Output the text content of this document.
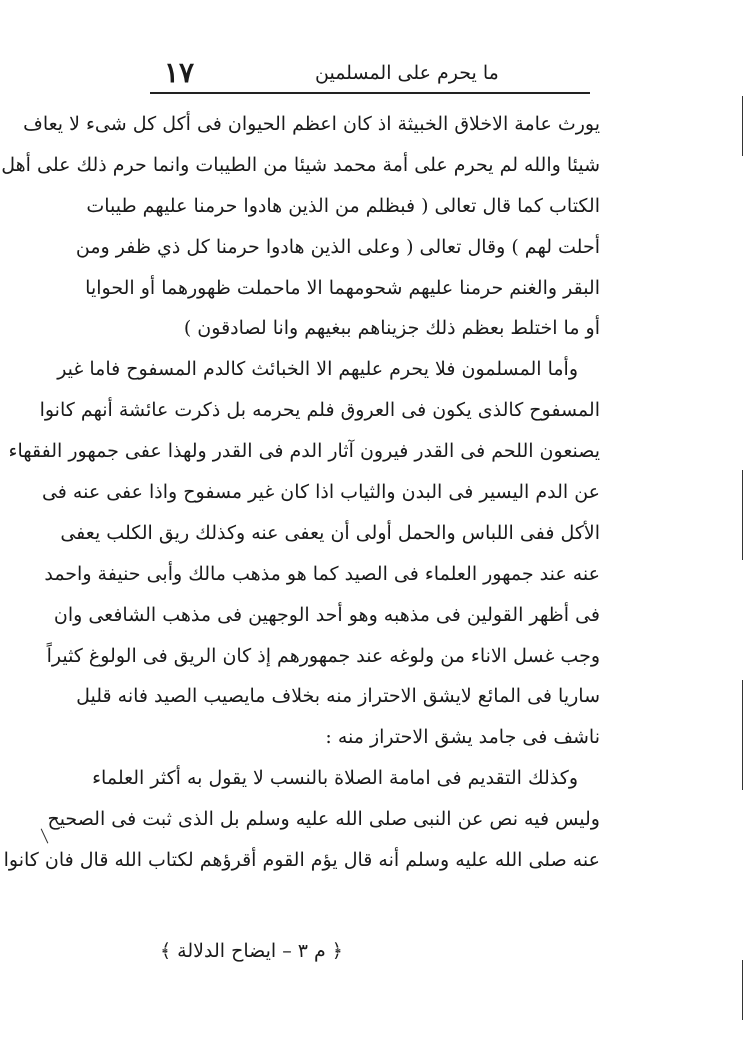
١٧	ما يحرم على المسلمين
يورث عامة الاخلاق الخبيثة اذ كان اعظم الحيوان فى أكل كل شىء لا يعاف
شيئا والله لم يحرم على أمة محمد شيئا من الطيبات وانما حرم ذلك على أهل
الكتاب كما قال تعالى ( فبظلم من الذين هادوا حرمنا عليهم طيبات
أحلت لهم ) وقال تعالى ( وعلى الذين هادوا حرمنا كل ذي ظفر ومن
البقر والغنم حرمنا عليهم شحومهما الا ماحملت ظهورهما أو الحوايا
أو ما اختلط بعظم ذلك جزيناهم ببغيهم وانا لصادقون )
وأما المسلمون فلا يحرم عليهم الا الخبائث كالدم المسفوح فاما غير
المسفوح كالذى يكون فى العروق فلم يحرمه بل ذكرت عائشة أنهم كانوا
يصنعون اللحم فى القدر فيرون آثار الدم فى القدر ولهذا عفى جمهور الفقهاء
عن الدم اليسير فى البدن والثياب اذا كان غير مسفوح واذا عفى عنه فى
الأكل ففى اللباس والحمل أولى أن يعفى عنه وكذلك ريق الكلب يعفى
عنه عند جمهور العلماء فى الصيد كما هو مذهب مالك وأبى حنيفة واحمد
فى أظهر القولين فى مذهبه وهو أحد الوجهين فى مذهب الشافعى وان
وجب غسل الاناء من ولوغه عند جمهورهم إذ كان الريق فى الولوغ كثيراً
ساريا فى المائع لايشق الاحتراز منه بخلاف مايصيب الصيد فانه قليل
ناشف فى جامد يشق الاحتراز منه :
وكذلك التقديم فى امامة الصلاة بالنسب لا يقول به أكثر العلماء
وليس فيه نص عن النبى صلى الله عليه وسلم بل الذى ثبت فى الصحيح
عنه صلى الله عليه وسلم أنه قال يؤم القوم أقرؤهم لكتاب الله قال فان كانوا
﴿ م ٣ – ايضاح الدلالة ﴾
